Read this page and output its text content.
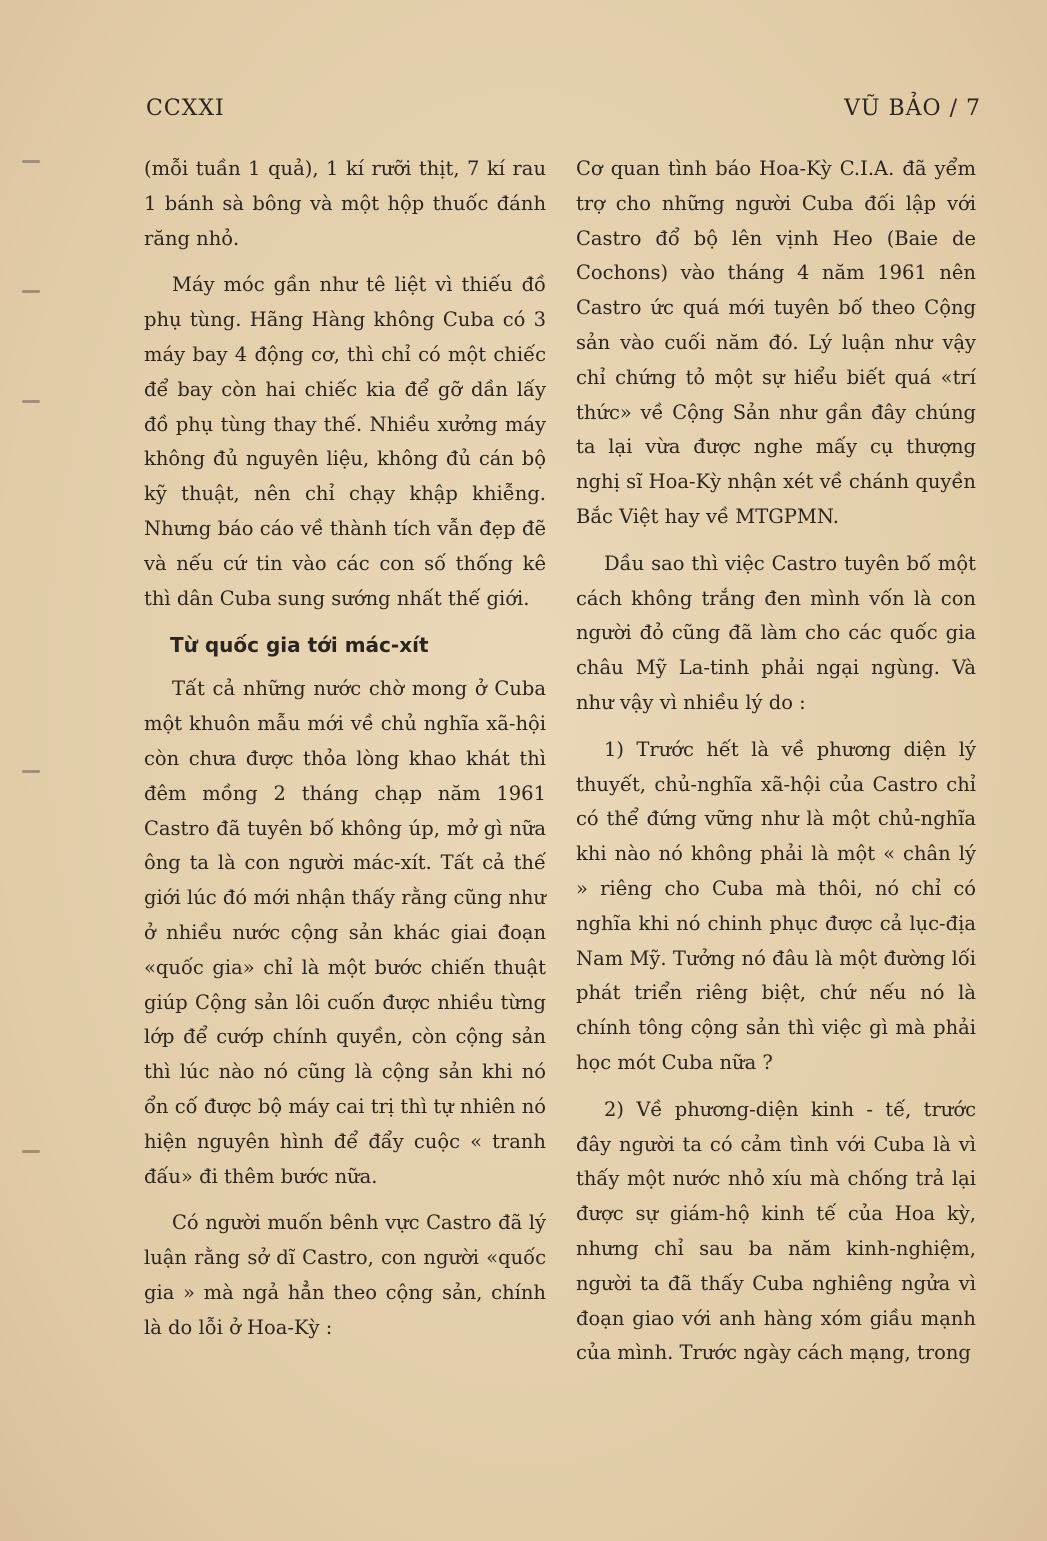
CCXXI	VŨ BẢO / 7

(mỗi tuần 1 quả), 1 kí rưỡi thịt, 7 kí rau 1 bánh sà bông và một hộp thuốc đánh răng nhỏ.

Máy móc gần như tê liệt vì thiếu đồ phụ tùng. Hãng Hàng không Cuba có 3 máy bay 4 động cơ, thì chỉ có một chiếc để bay còn hai chiếc kia để gỡ dần lấy đồ phụ tùng thay thế. Nhiều xưởng máy không đủ nguyên liệu, không đủ cán bộ kỹ thuật, nên chỉ chạy khập khiễng. Nhưng báo cáo về thành tích vẫn đẹp đẽ và nếu cứ tin vào các con số thống kê thì dân Cuba sung sướng nhất thế giới.

Từ quốc gia tới mác-xít

Tất cả những nước chờ mong ở Cuba một khuôn mẫu mới về chủ nghĩa xã-hội còn chưa được thỏa lòng khao khát thì đêm mồng 2 tháng chạp năm 1961 Castro đã tuyên bố không úp, mở gì nữa ông ta là con người mác-xít. Tất cả thế giới lúc đó mới nhận thấy rằng cũng như ở nhiều nước cộng sản khác giai đoạn «quốc gia» chỉ là một bước chiến thuật giúp Cộng sản lôi cuốn được nhiều từng lớp để cướp chính quyền, còn cộng sản thì lúc nào nó cũng là cộng sản khi nó ổn cố được bộ máy cai trị thì tự nhiên nó hiện nguyên hình để đẩy cuộc « tranh đấu» đi thêm bước nữa.

Có người muốn bênh vực Castro đã lý luận rằng sở dĩ Castro, con người «quốc gia » mà ngả hẳn theo cộng sản, chính là do lỗi ở Hoa-Kỳ :

Cơ quan tình báo Hoa-Kỳ C.I.A. đã yểm trợ cho những người Cuba đối lập với Castro đổ bộ lên vịnh Heo (Baie de Cochons) vào tháng 4 năm 1961 nên Castro ức quá mới tuyên bố theo Cộng sản vào cuối năm đó. Lý luận như vậy chỉ chứng tỏ một sự hiểu biết quá «trí thức» về Cộng Sản như gần đây chúng ta lại vừa được nghe mấy cụ thượng nghị sĩ Hoa-Kỳ nhận xét về chánh quyền Bắc Việt hay về MTGPMN.

Dầu sao thì việc Castro tuyên bố một cách không trắng đen mình vốn là con người đỏ cũng đã làm cho các quốc gia châu Mỹ La-tinh phải ngại ngùng. Và như vậy vì nhiều lý do :

1) Trước hết là về phương diện lý thuyết, chủ-nghĩa xã-hội của Castro chỉ có thể đứng vững như là một chủ-nghĩa khi nào nó không phải là một « chân lý » riêng cho Cuba mà thôi, nó chỉ có nghĩa khi nó chinh phục được cả lục-địa Nam Mỹ. Tưởng nó đâu là một đường lối phát triển riêng biệt, chứ nếu nó là chính tông cộng sản thì việc gì mà phải học mót Cuba nữa ?

2) Về phương-diện kinh - tế, trước đây người ta có cảm tình với Cuba là vì thấy một nước nhỏ xíu mà chống trả lại được sự giám-hộ kinh tế của Hoa kỳ, nhưng chỉ sau ba năm kinh-nghiệm, người ta đã thấy Cuba nghiêng ngửa vì đoạn giao với anh hàng xóm giầu mạnh của mình. Trước ngày cách mạng, trong
